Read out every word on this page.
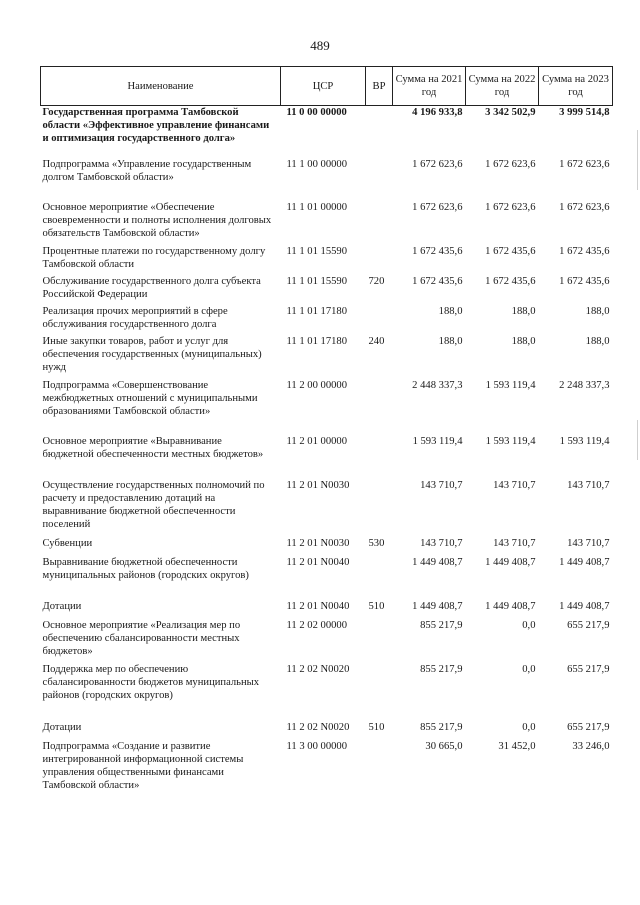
489
Наименование	ЦСР	ВР	Сумма на 2021 год	Сумма на 2022 год	Сумма на 2023 год
Государственная программа Тамбовской области «Эффективное управление финансами и оптимизация государственного долга»	11 0 00 00000		4 196 933,8	3 342 502,9	3 999 514,8
Подпрограмма «Управление государственным долгом Тамбовской области»	11 1 00 00000		1 672 623,6	1 672 623,6	1 672 623,6
Основное мероприятие «Обеспечение своевременности и полноты исполнения долговых обязательств Тамбовской области»	11 1 01 00000		1 672 623,6	1 672 623,6	1 672 623,6
Процентные платежи по государственному долгу Тамбовской области	11 1 01 15590		1 672 435,6	1 672 435,6	1 672 435,6
Обслуживание государственного долга субъекта Российской Федерации	11 1 01 15590	720	1 672 435,6	1 672 435,6	1 672 435,6
Реализация прочих мероприятий в сфере обслуживания государственного долга	11 1 01 17180		188,0	188,0	188,0
Иные закупки товаров, работ и услуг для обеспечения государственных (муниципальных) нужд	11 1 01 17180	240	188,0	188,0	188,0
Подпрограмма «Совершенствование межбюджетных отношений с муниципальными образованиями Тамбовской области»	11 2 00 00000		2 448 337,3	1 593 119,4	2 248 337,3
Основное мероприятие «Выравнивание бюджетной обеспеченности местных бюджетов»	11 2 01 00000		1 593 119,4	1 593 119,4	1 593 119,4
Осуществление государственных полномочий по расчету и предоставлению дотаций на выравнивание бюджетной обеспеченности поселений	11 2 01 N0030		143 710,7	143 710,7	143 710,7
Субвенции	11 2 01 N0030	530	143 710,7	143 710,7	143 710,7
Выравнивание бюджетной обеспеченности муниципальных районов (городских округов)	11 2 01 N0040		1 449 408,7	1 449 408,7	1 449 408,7
Дотации	11 2 01 N0040	510	1 449 408,7	1 449 408,7	1 449 408,7
Основное мероприятие «Реализация мер по обеспечению сбалансированности местных бюджетов»	11 2 02 00000		855 217,9	0,0	655 217,9
Поддержка мер по обеспечению сбалансированности бюджетов муниципальных районов (городских округов)	11 2 02 N0020		855 217,9	0,0	655 217,9
Дотации	11 2 02 N0020	510	855 217,9	0,0	655 217,9
Подпрограмма «Создание и развитие интегрированной информационной системы управления общественными финансами Тамбовской области»	11 3 00 00000		30 665,0	31 452,0	33 246,0
